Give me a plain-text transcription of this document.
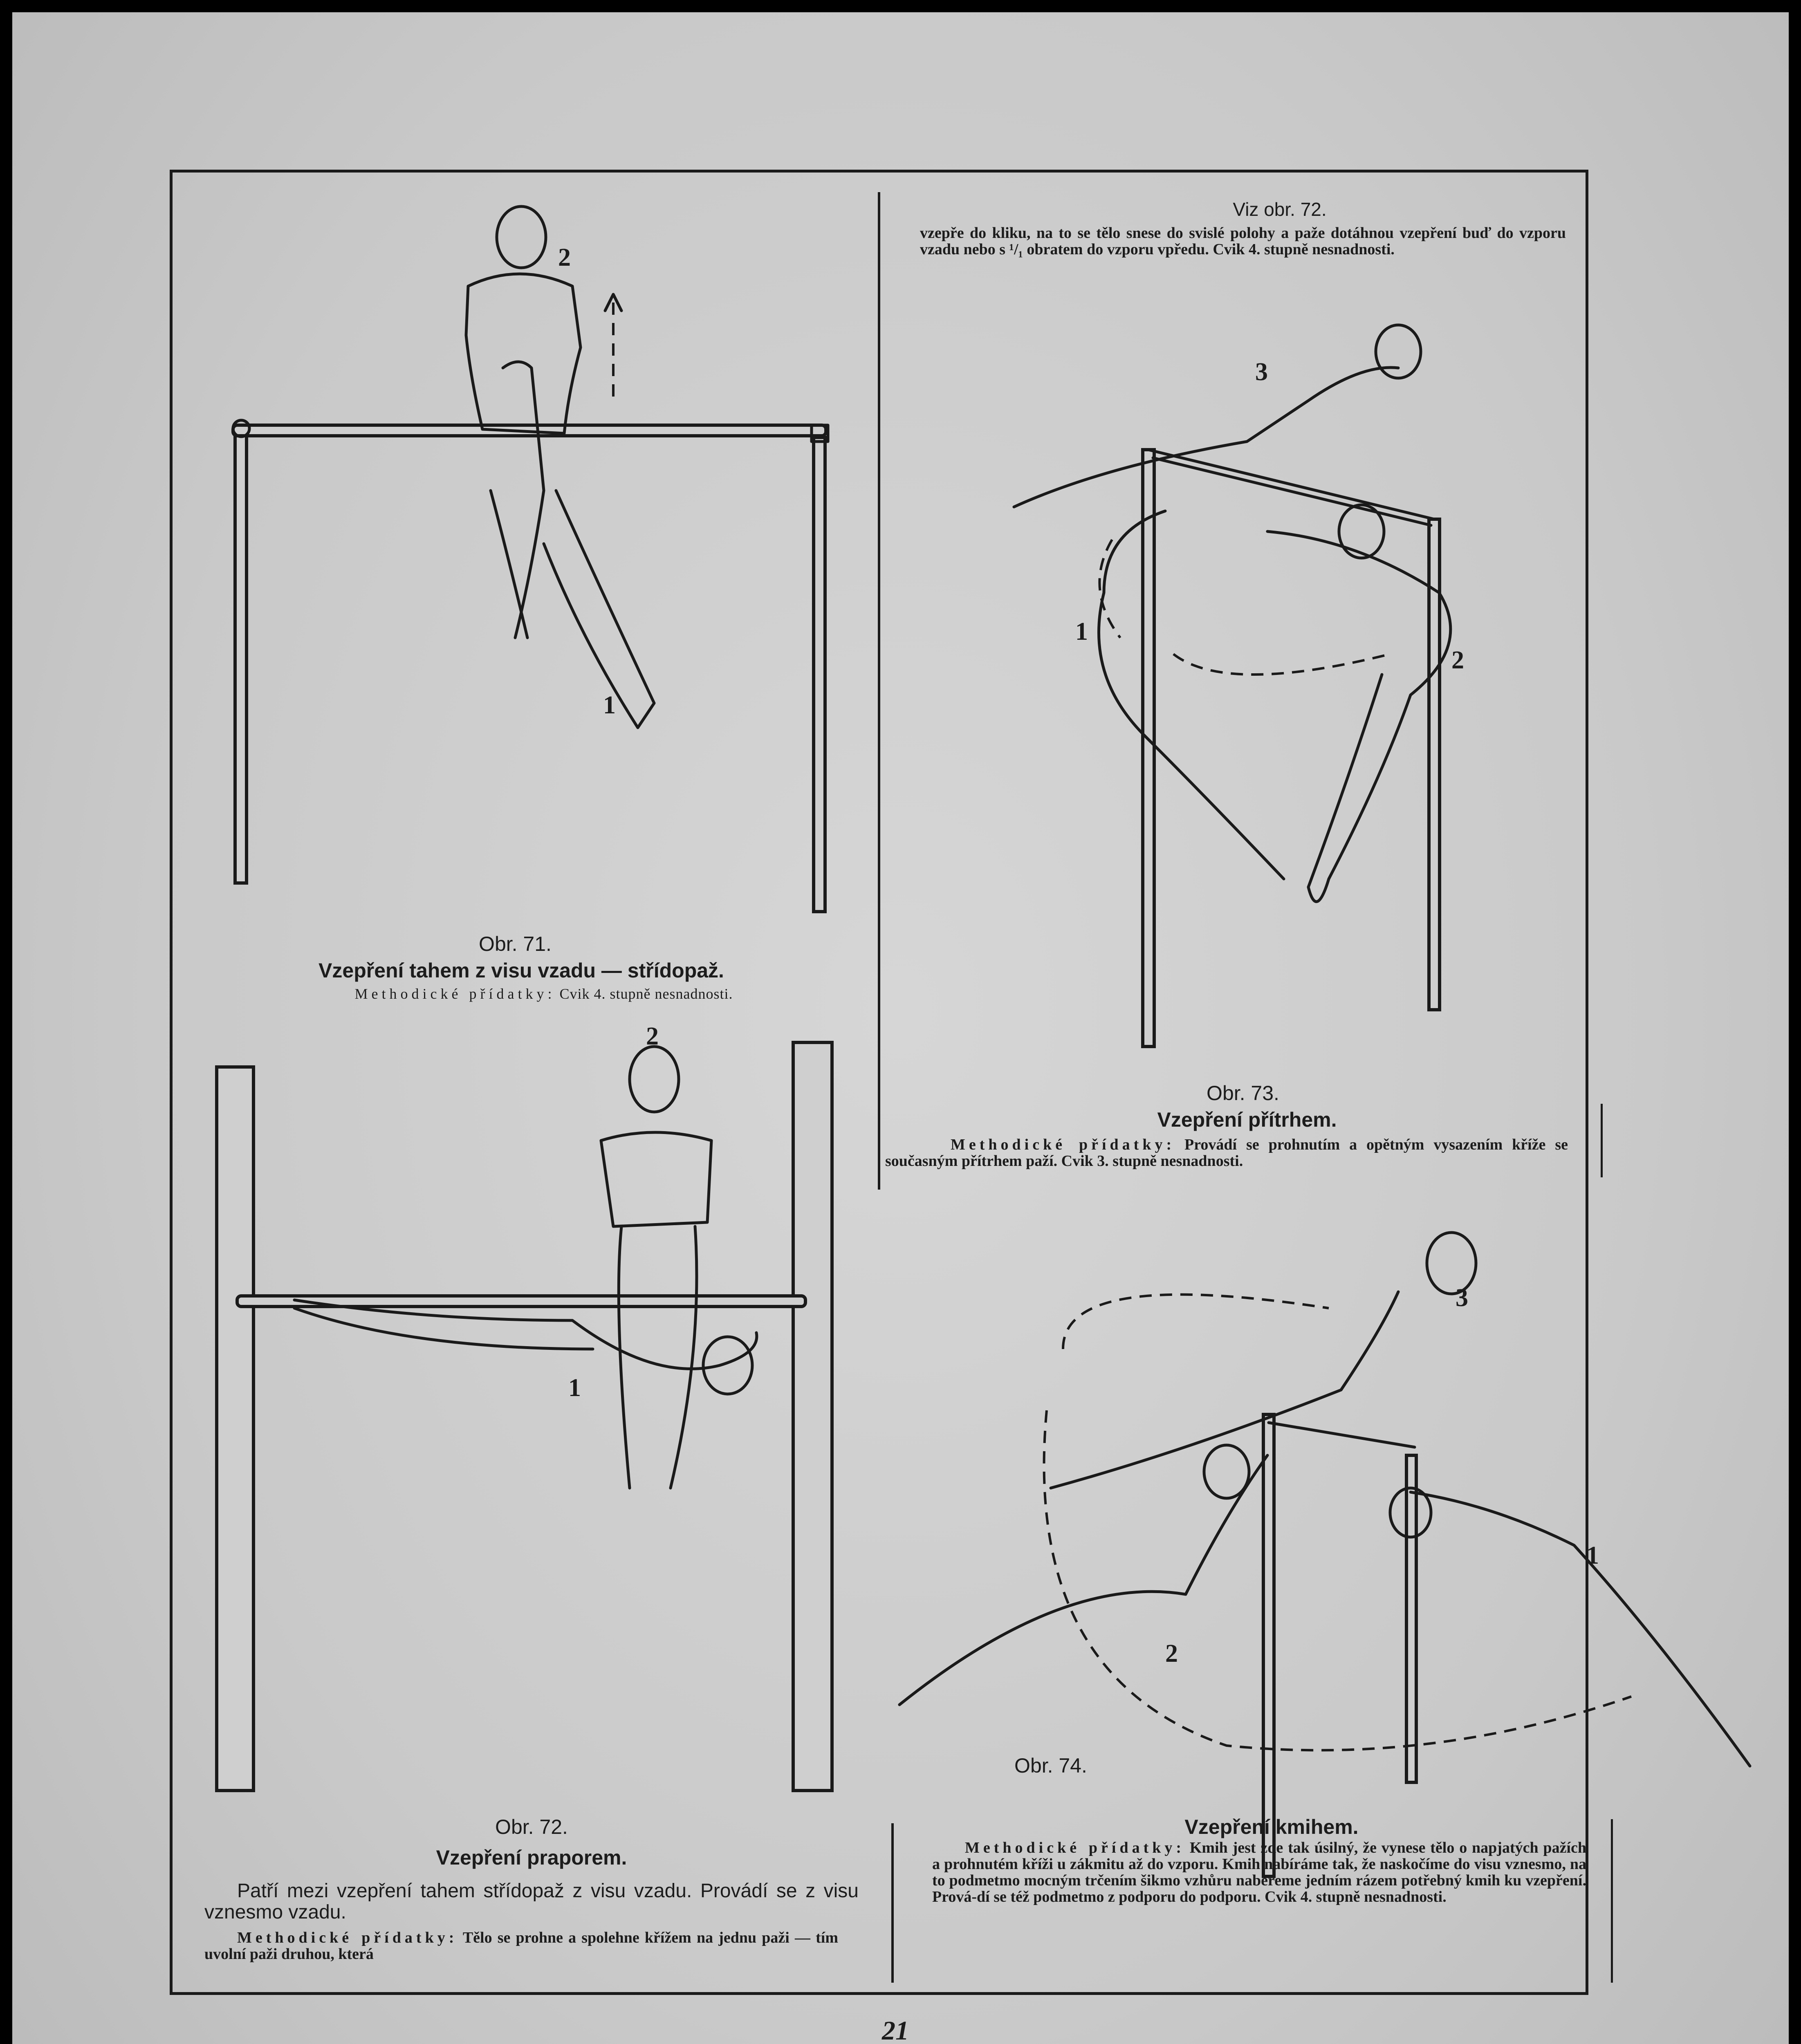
Viz obr. 72.
vzepře do kliku, na to se tělo snese do svislé polohy a paže dotáhnou vzepření buď do vzporu vzadu nebo s ¹/₁ obratem do vzporu vpředu. Cvik 4. stupně nesnadnosti.
2
1
3
1
2
2
1
3
1
2
Obr. 71.
Vzepření tahem z visu vzadu — střídopaž.
Methodické přídatky: Cvik 4. stupně nesnadnosti.
Obr. 73.
Vzepření přítrhem.
Methodické přídatky: Provádí se prohnutím a opětným vysazením kříže se současným přítrhem paží. Cvik 3. stupně nesnadnosti.
Obr. 72.
Vzepření praporem.
Patří mezi vzepření tahem střídopaž z visu vzadu. Provádí se z visu vznesmo vzadu.
Methodické přídatky: Tělo se prohne a spolehne křížem na jednu paži — tím uvolní paži druhou, která
Obr. 74.
Vzepření kmihem.
Methodické přídatky: Kmih jest zde tak úsilný, že vynese tělo o napjatých pažích a prohnutém kříži u zákmitu až do vzporu. Kmih nabíráme tak, že naskočíme do visu vznesmo, na to podmetmo mocným trčením šikmo vzhůru nabereme jedním rázem potřebný kmih ku vzepření. Prová-dí se též podmetmo z podporu do podporu. Cvik 4. stupně nesnadnosti.
21
